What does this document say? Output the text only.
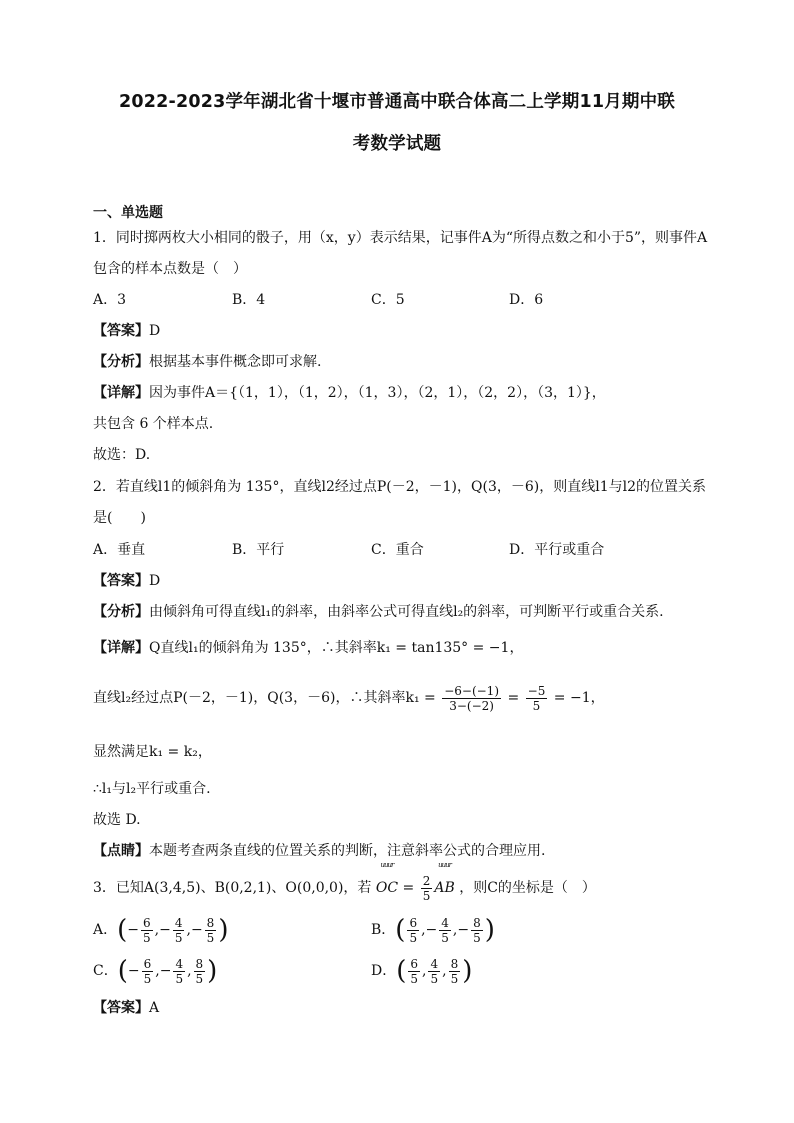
2022-2023学年湖北省十堰市普通高中联合体高二上学期11月期中联
考数学试题
一、单选题
1．同时掷两枚大小相同的骰子，用（x，y）表示结果，记事件A为“所得点数之和小于5”，则事件A
包含的样本点数是（　）
A．3	B．4	C．5	D．6
【答案】D
【分析】根据基本事件概念即可求解.
【详解】因为事件A＝{（1，1），（1，2），（1，3），（2，1），（2，2），（3，1）}，
共包含 6 个样本点.
故选：D.
2．若直线l1的倾斜角为 135°，直线l2经过点P(－2，－1)，Q(3，－6)，则直线l1与l2的位置关系
是(　　)
A．垂直	B．平行	C．重合	D．平行或重合
【答案】D
【分析】由倾斜角可得直线l₁的斜率，由斜率公式可得直线l₂的斜率，可判断平行或重合关系.
【详解】Q直线l₁的倾斜角为 135°，∴其斜率k₁ = tan135° = −1，
直线l₂经过点P(－2，－1)，Q(3，－6)，∴其斜率$k_1 = \frac{-6-(-1)}{3-(-2)} = \frac{-5}{5} = -1$，
显然满足k₁ = k₂，
∴l₁与l₂平行或重合.
故选 D.
【点睛】本题考查两条直线的位置关系的判断，注意斜率公式的合理应用.
3．已知A(3,4,5)、B(0,2,1)、O(0,0,0)，若
uuur
OC = $\frac{2}{5}$
uuur
AB ，则C的坐标是（　）
A．(− $\frac{6}{5}$ ,− $\frac{4}{5}$ ,− $\frac{8}{5}$ )	B．( $\frac{6}{5}$ ,− $\frac{4}{5}$ ,− $\frac{8}{5}$ )
C．(− $\frac{6}{5}$ ,− $\frac{4}{5}$ , $\frac{8}{5}$ )	D．( $\frac{6}{5}$ , $\frac{4}{5}$ , $\frac{8}{5}$ )
【答案】A
